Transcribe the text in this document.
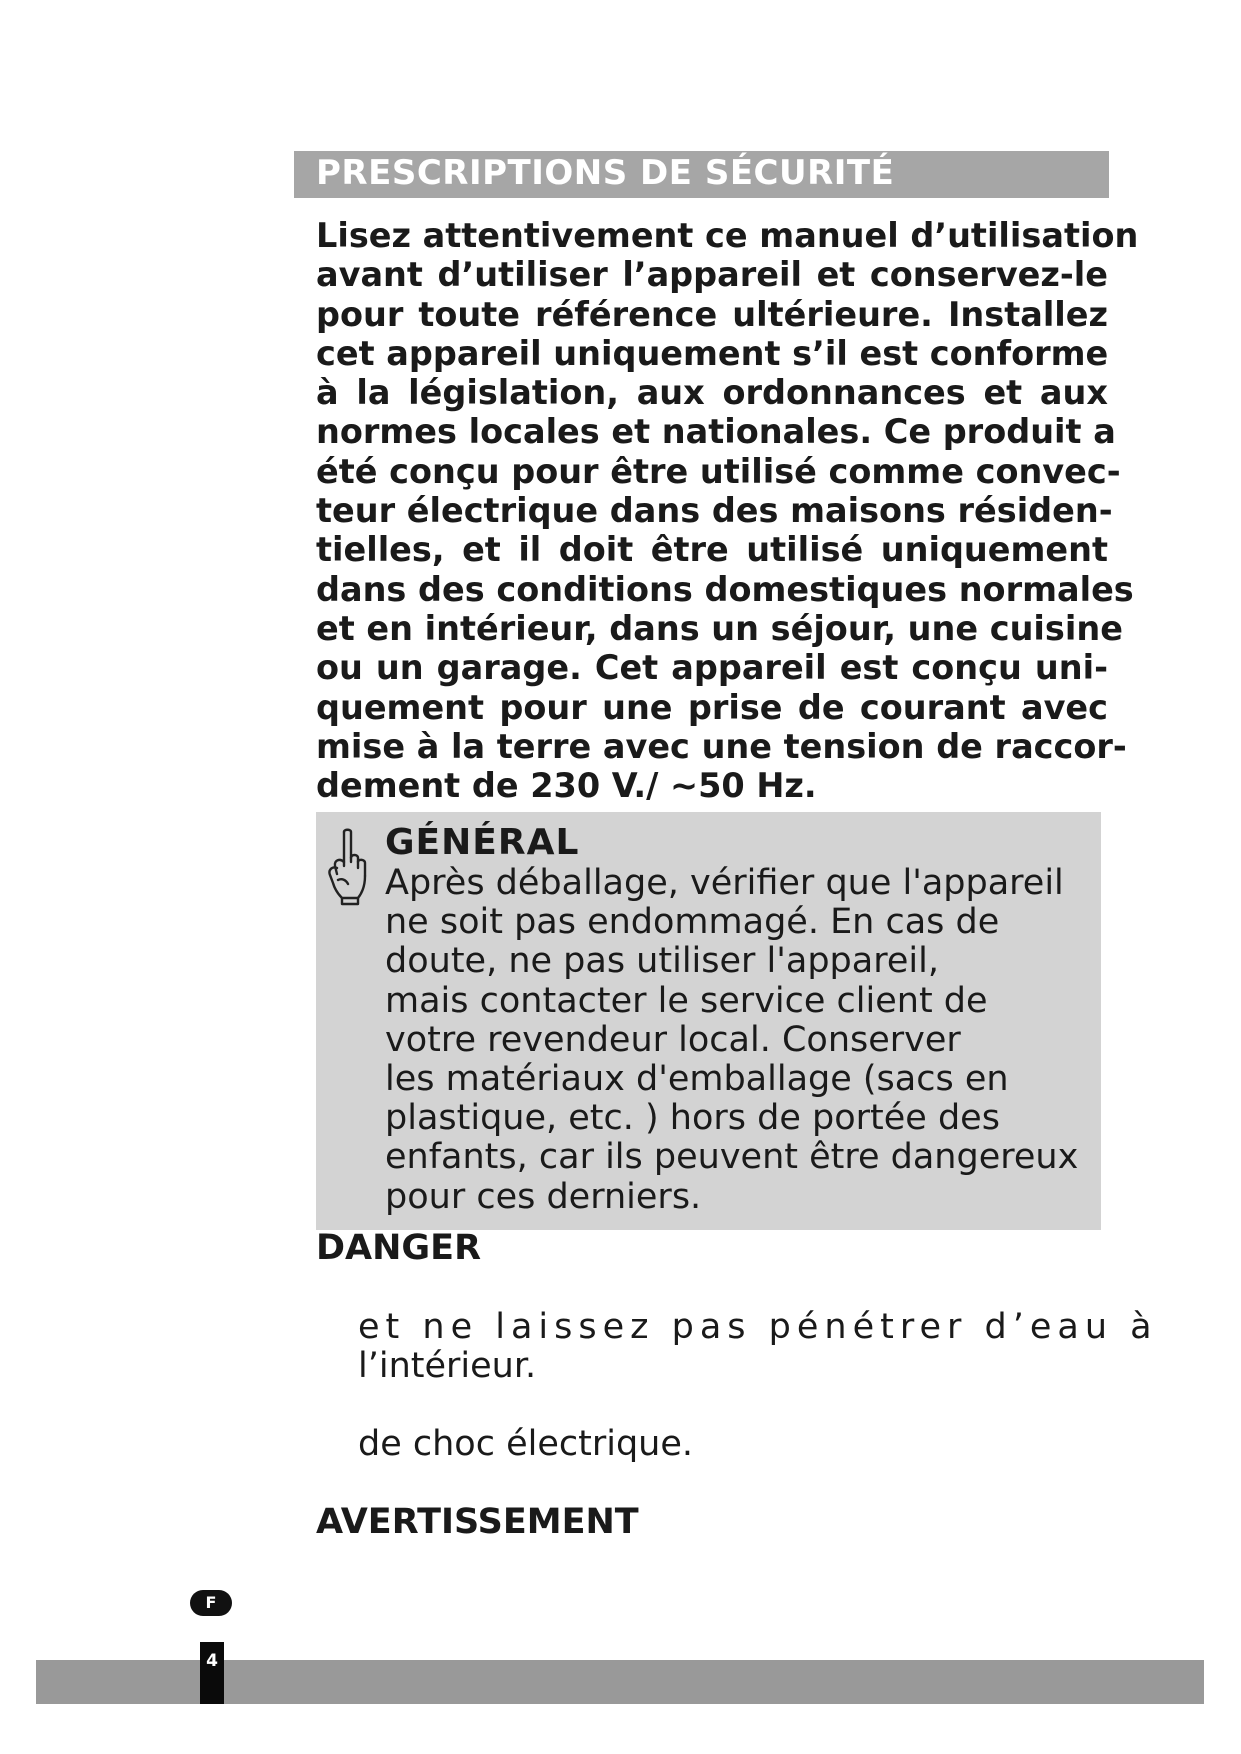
PRESCRIPTIONS DE SÉCURITÉ
Lisez attentivement ce manuel d’utilisation
avant d’utiliser l’appareil et conservez-le
pour toute référence ultérieure. Installez
cet appareil uniquement s’il est conforme
à la législation, aux ordonnances et aux
normes locales et nationales. Ce produit a
été conçu pour être utilisé comme convec-
teur électrique dans des maisons résiden-
tielles, et il doit être utilisé uniquement
dans des conditions domestiques normales
et en intérieur, dans un séjour, une cuisine
ou un garage. Cet appareil est conçu uni-
quement pour une prise de courant avec
mise à la terre avec une tension de raccor-
dement de 230 V./ ~50 Hz.
GÉNÉRAL
Après déballage, vérifier que l'appareil
ne soit pas endommagé. En cas de
doute, ne pas utiliser l'appareil,
mais contacter le service client de
votre revendeur local. Conserver
les matériaux d'emballage (sacs en
plastique, etc. ) hors de portée des
enfants, car ils peuvent être dangereux
pour ces derniers.
DANGER
et ne laissez pas pénétrer d’eau à
l’intérieur.
de choc électrique.
AVERTISSEMENT
F
4
